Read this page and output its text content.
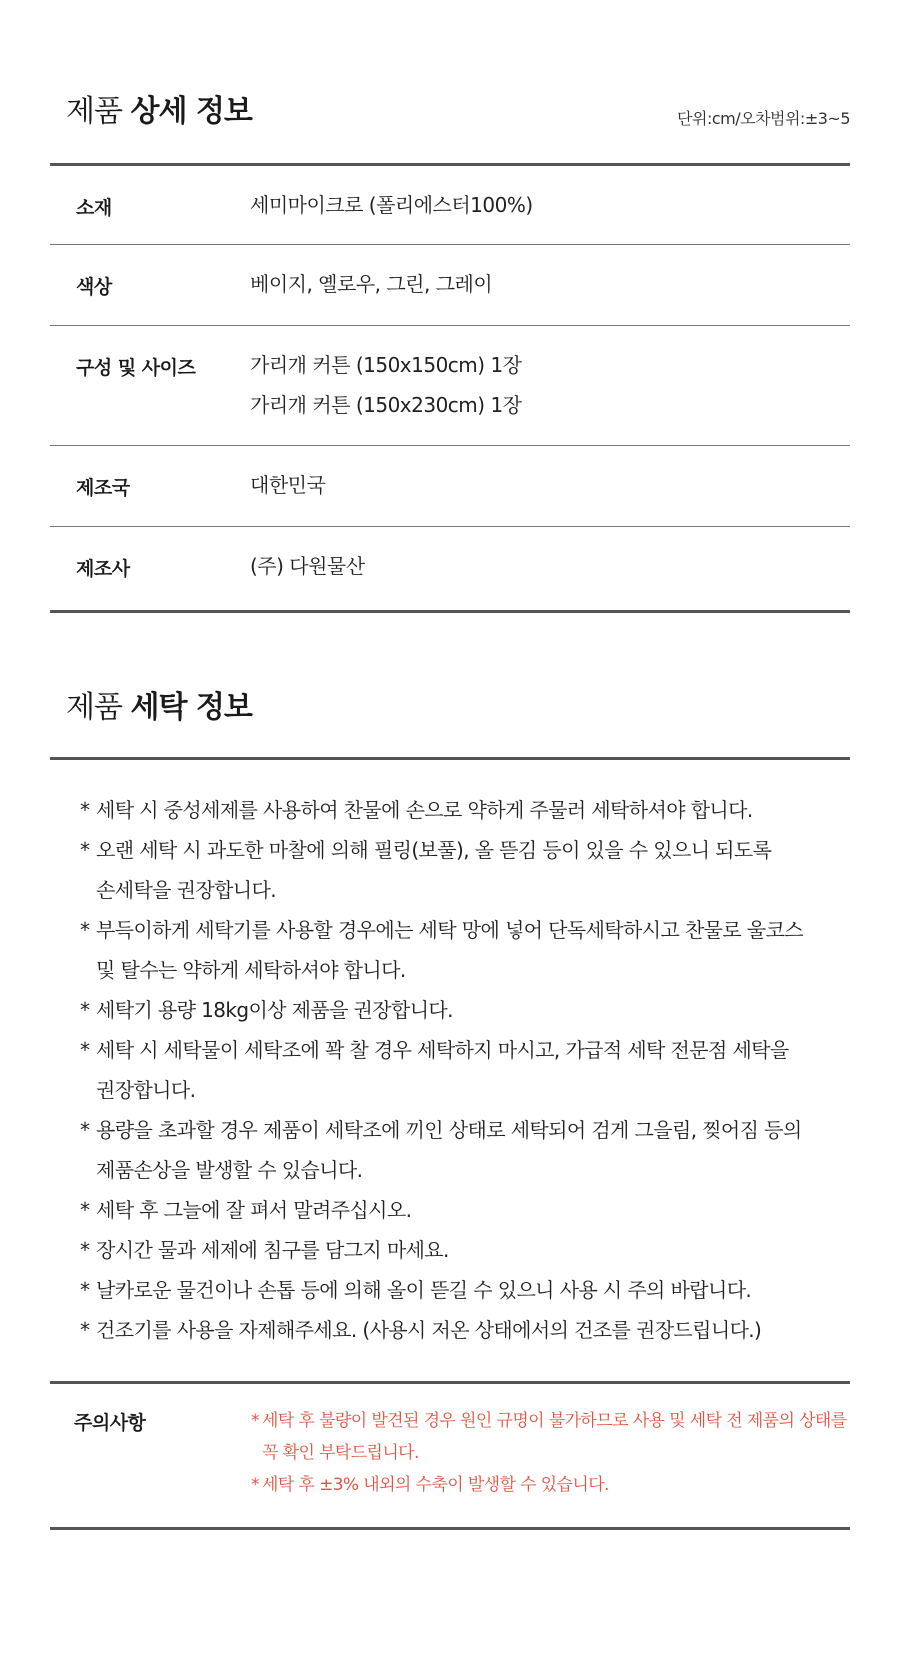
제품 상세 정보	단위:cm/오차범위:±3~5
소재	세미마이크로 (폴리에스터100%)
색상	베이지, 옐로우, 그린, 그레이
구성 및 사이즈	가리개 커튼 (150x150cm) 1장
가리개 커튼 (150x230cm) 1장
제조국	대한민국
제조사	(주) 다원물산
제품 세탁 정보
* 세탁 시 중성세제를 사용하여 찬물에 손으로 약하게 주물러 세탁하셔야 합니다.
* 오랜 세탁 시 과도한 마찰에 의해 필링(보풀), 올 뜯김 등이 있을 수 있으니 되도록
손세탁을 권장합니다.
* 부득이하게 세탁기를 사용할 경우에는 세탁 망에 넣어 단독세탁하시고 찬물로 울코스
및 탈수는 약하게 세탁하셔야 합니다.
* 세탁기 용량 18kg이상 제품을 권장합니다.
* 세탁 시 세탁물이 세탁조에 꽉 찰 경우 세탁하지 마시고, 가급적 세탁 전문점 세탁을
권장합니다.
* 용량을 초과할 경우 제품이 세탁조에 끼인 상태로 세탁되어 검게 그을림, 찢어짐 등의
제품손상을 발생할 수 있습니다.
* 세탁 후 그늘에 잘 펴서 말려주십시오.
* 장시간 물과 세제에 침구를 담그지 마세요.
* 날카로운 물건이나 손톱 등에 의해 올이 뜯길 수 있으니 사용 시 주의 바랍니다.
* 건조기를 사용을 자제해주세요. (사용시 저온 상태에서의 건조를 권장드립니다.)
주의사항	* 세탁 후 불량이 발견된 경우 원인 규명이 불가하므로 사용 및 세탁 전 제품의 상태를
꼭 확인 부탁드립니다.
* 세탁 후 ±3% 내외의 수축이 발생할 수 있습니다.
